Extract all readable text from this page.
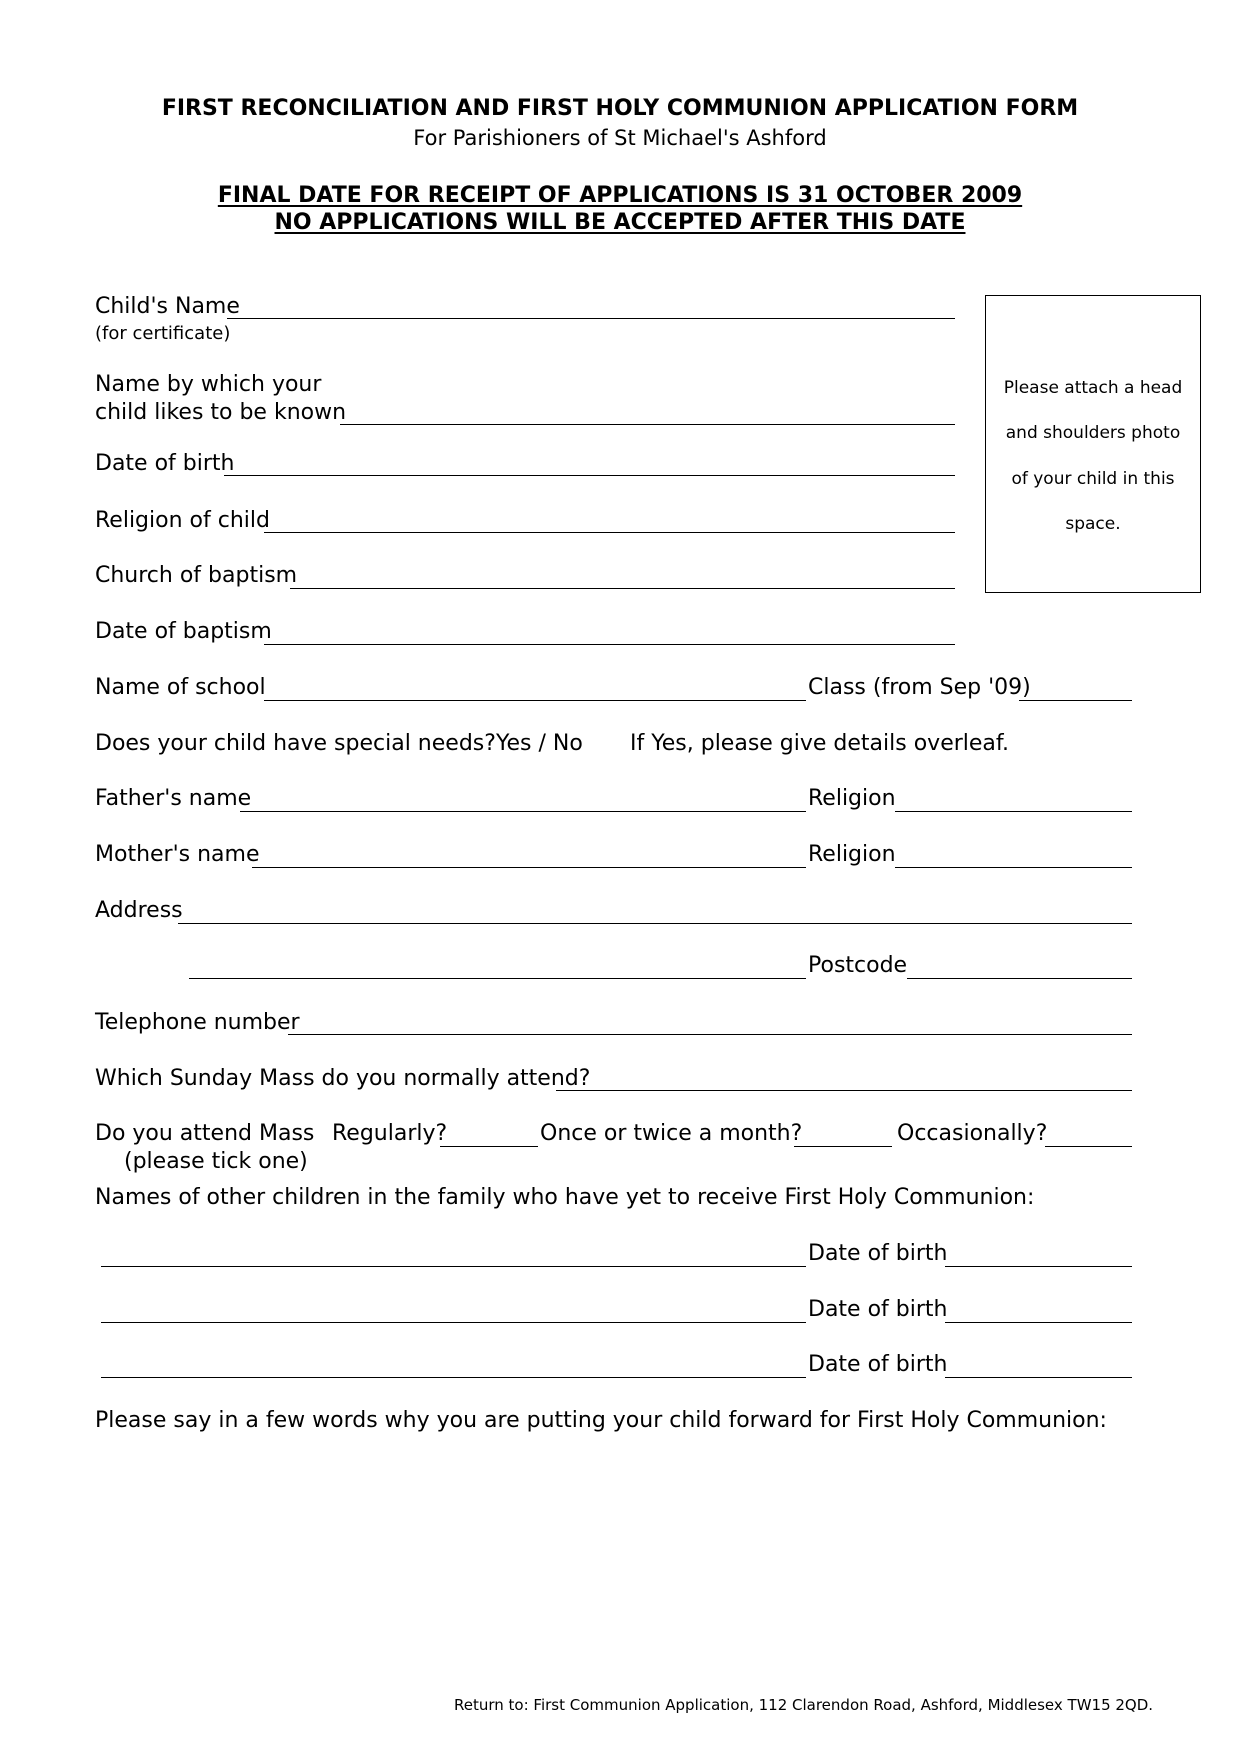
FIRST RECONCILIATION AND FIRST HOLY COMMUNION APPLICATION FORM
For Parishioners of St Michael's Ashford
FINAL DATE FOR RECEIPT OF APPLICATIONS IS 31 OCTOBER 2009
NO APPLICATIONS WILL BE ACCEPTED AFTER THIS DATE
Please attach a head
and shoulders photo
of your child in this
space.
Child's Name
(for certificate)
Name by which your
child likes to be known
Date of birth
Religion of child
Church of baptism
Date of baptism
Name of school	Class (from Sep '09)
Does your child have special needs? Yes / No If Yes, please give details overleaf.
Father's name	Religion
Mother's name	Religion
Address
Postcode
Telephone number
Which Sunday Mass do you normally attend?
Do you attend Mass
(please tick one)
Regularly?	Once or twice a month?	Occasionally?
Names of other children in the family who have yet to receive First Holy Communion:
Date of birth
Date of birth
Date of birth
Please say in a few words why you are putting your child forward for First Holy Communion:
Return to: First Communion Application, 112 Clarendon Road, Ashford, Middlesex TW15 2QD.
